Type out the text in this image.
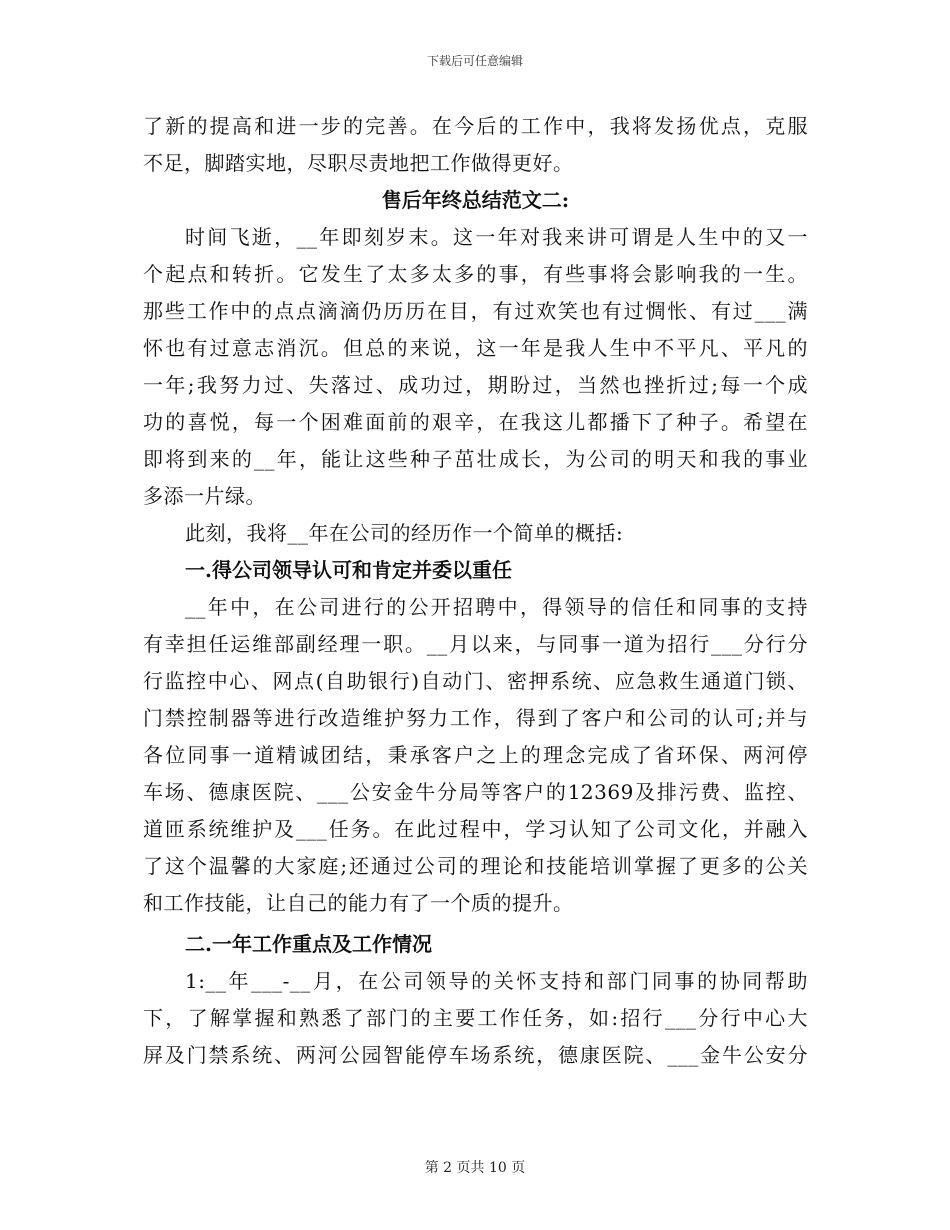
下载后可任意编辑
了新的提高和进一步的完善。在今后的工作中，我将发扬优点，克服
不足，脚踏实地，尽职尽责地把工作做得更好。
售后年终总结范文二:
时间飞逝，__年即刻岁末。这一年对我来讲可谓是人生中的又一
个起点和转折。它发生了太多太多的事，有些事将会影响我的一生。
那些工作中的点点滴滴仍历历在目，有过欢笑也有过惆怅、有过___满
怀也有过意志消沉。但总的来说，这一年是我人生中不平凡、平凡的
一年;我努力过、失落过、成功过，期盼过，当然也挫折过;每一个成
功的喜悦，每一个困难面前的艰辛，在我这儿都播下了种子。希望在
即将到来的__年，能让这些种子茁壮成长，为公司的明天和我的事业
多添一片绿。
此刻，我将__年在公司的经历作一个简单的概括:
一.得公司领导认可和肯定并委以重任
__年中，在公司进行的公开招聘中，得领导的信任和同事的支持
有幸担任运维部副经理一职。__月以来，与同事一道为招行___分行分
行监控中心、网点(自助银行)自动门、密押系统、应急救生通道门锁、
门禁控制器等进行改造维护努力工作，得到了客户和公司的认可;并与
各位同事一道精诚团结，秉承客户之上的理念完成了省环保、两河停
车场、德康医院、___公安金牛分局等客户的12369及排污费、监控、
道匝系统维护及___任务。在此过程中，学习认知了公司文化，并融入
了这个温馨的大家庭;还通过公司的理论和技能培训掌握了更多的公关
和工作技能，让自己的能力有了一个质的提升。
二.一年工作重点及工作情况
1:__年___-__月，在公司领导的关怀支持和部门同事的协同帮助
下，了解掌握和熟悉了部门的主要工作任务，如:招行___分行中心大
屏及门禁系统、两河公园智能停车场系统，德康医院、___金牛公安分
第 2 页共 10 页
